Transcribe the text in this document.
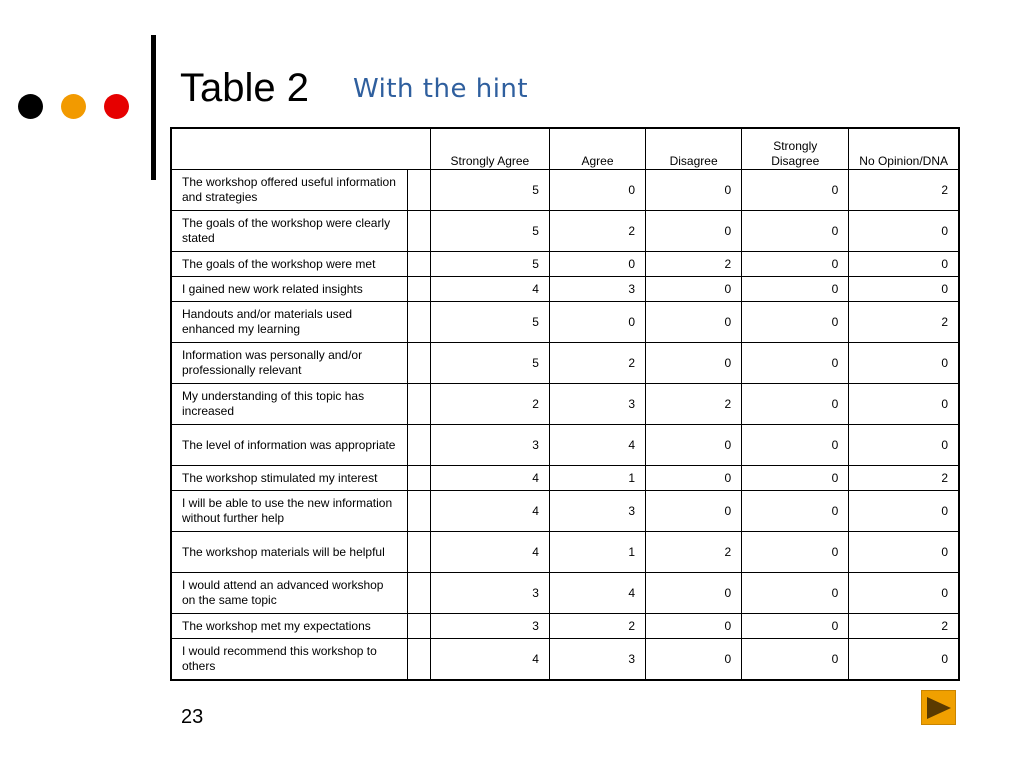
Table 2 With the hint
		Strongly Agree	Agree	Disagree	Strongly Disagree	No Opinion/DNA
The workshop offered useful information and strategies		5	0	0	0	2
The goals of the workshop were clearly stated		5	2	0	0	0
The goals of the workshop were met		5	0	2	0	0
I gained new work related insights		4	3	0	0	0
Handouts and/or materials used enhanced my learning		5	0	0	0	2
Information was personally and/or professionally relevant		5	2	0	0	0
My understanding of this topic has increased		2	3	2	0	0
The level of information was appropriate		3	4	0	0	0
The workshop stimulated my interest		4	1	0	0	2
I will be able to use the new information without further help		4	3	0	0	0
The workshop materials will be helpful		4	1	2	0	0
I would attend an advanced workshop on the same topic		3	4	0	0	0
The workshop met my expectations		3	2	0	0	2
I would recommend this workshop to others		4	3	0	0	0
23
